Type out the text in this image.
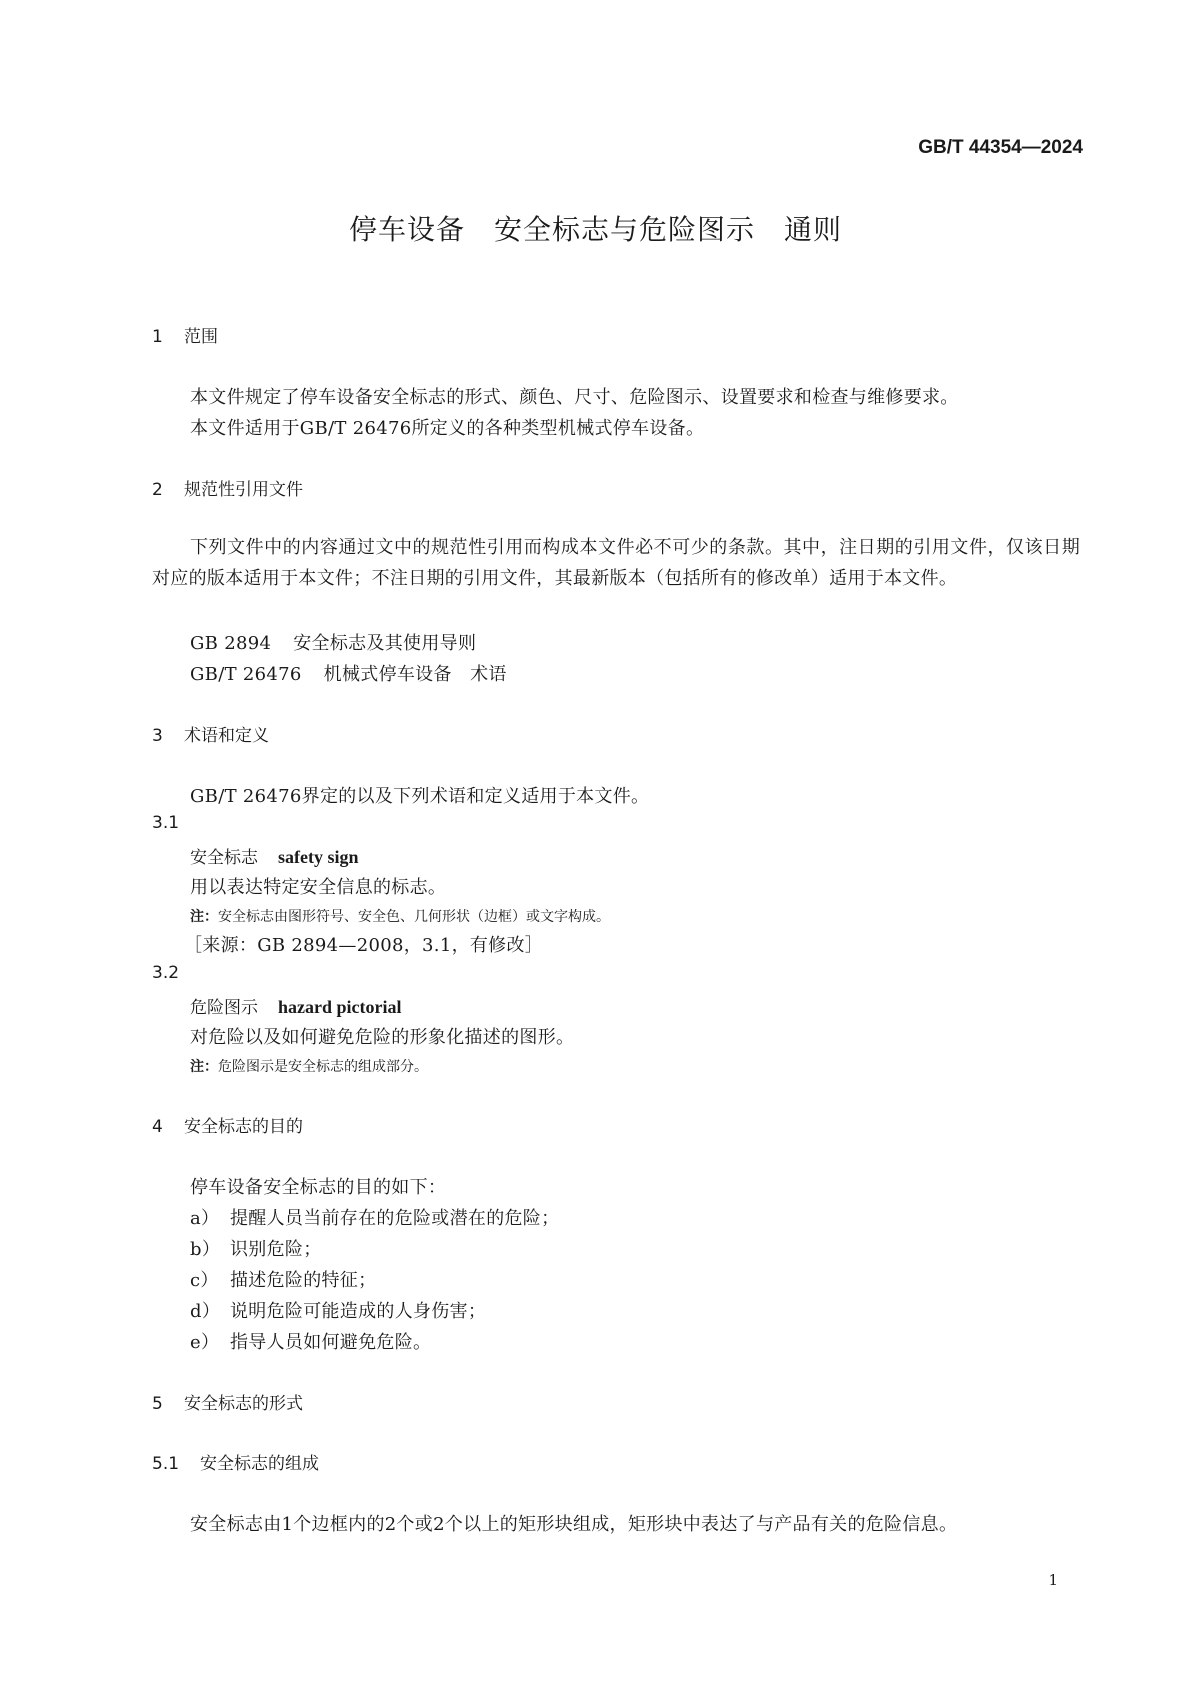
GB/T 44354—2024
停车设备　安全标志与危险图示　通则
1 范围
本文件规定了停车设备安全标志的形式、颜色、尺寸、危险图示、设置要求和检查与维修要求。
本文件适用于GB/T 26476所定义的各种类型机械式停车设备。
2 规范性引用文件
下列文件中的内容通过文中的规范性引用而构成本文件必不可少的条款。其中，注日期的引用文件，仅该日期对应的版本适用于本文件；不注日期的引用文件，其最新版本（包括所有的修改单）适用于本文件。
GB 2894 安全标志及其使用导则
GB/T 26476 机械式停车设备　术语
3 术语和定义
GB/T 26476界定的以及下列术语和定义适用于本文件。
3.1
安全标志 safety sign
用以表达特定安全信息的标志。
注：安全标志由图形符号、安全色、几何形状（边框）或文字构成。
［来源：GB 2894—2008，3.1，有修改］
3.2
危险图示 hazard pictorial
对危险以及如何避免危险的形象化描述的图形。
注：危险图示是安全标志的组成部分。
4 安全标志的目的
停车设备安全标志的目的如下：
a） 提醒人员当前存在的危险或潜在的危险；
b） 识别危险；
c） 描述危险的特征；
d） 说明危险可能造成的人身伤害；
e） 指导人员如何避免危险。
5 安全标志的形式
5.1 安全标志的组成
安全标志由1个边框内的2个或2个以上的矩形块组成，矩形块中表达了与产品有关的危险信息。
1
